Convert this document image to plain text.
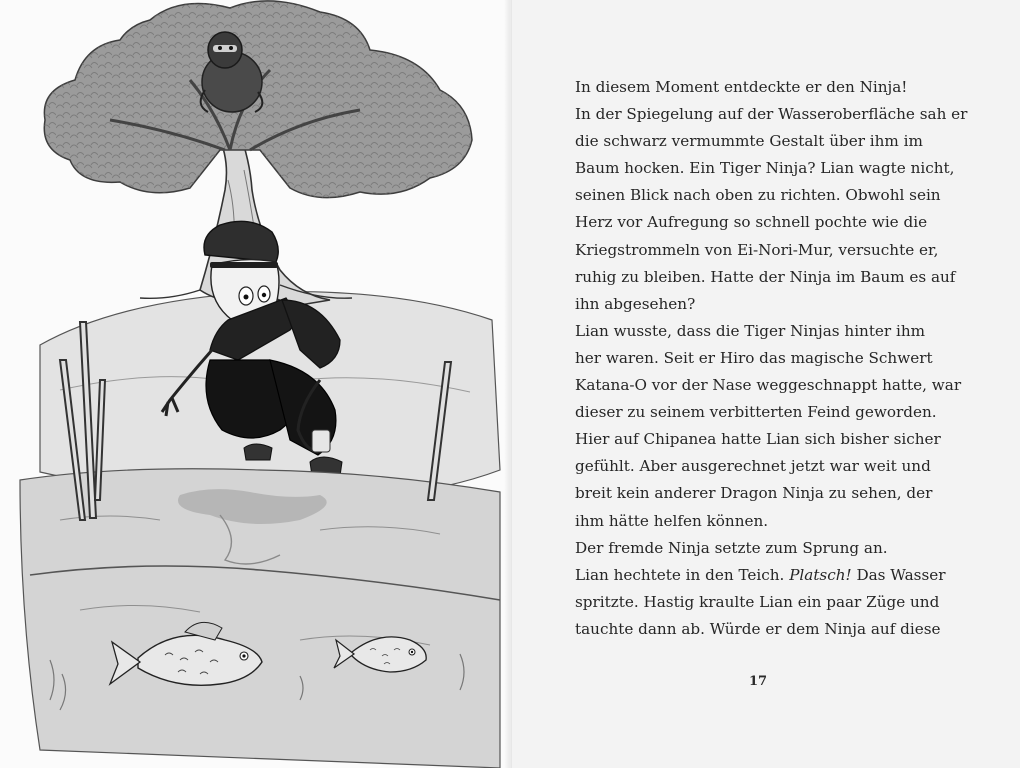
In diesem Moment entdeckte er den Ninja!
In der Spiegelung auf der Wasseroberfläche sah er
die schwarz vermummte Gestalt über ihm im
Baum hocken. Ein Tiger Ninja? Lian wagte nicht,
seinen Blick nach oben zu richten. Obwohl sein
Herz vor Aufregung so schnell pochte wie die
Kriegstrommeln von Ei-Nori-Mur, versuchte er,
ruhig zu bleiben. Hatte der Ninja im Baum es auf
ihn abgesehen?
Lian wusste, dass die Tiger Ninjas hinter ihm
her waren. Seit er Hiro das magische Schwert
Katana-O vor der Nase weggeschnappt hatte, war
dieser zu seinem verbitterten Feind geworden.
Hier auf Chipanea hatte Lian sich bisher sicher
gefühlt. Aber ausgerechnet jetzt war weit und
breit kein anderer Dragon Ninja zu sehen, der
ihm hätte helfen können.
Der fremde Ninja setzte zum Sprung an.
Lian hechtete in den Teich. Platsch! Das Wasser
spritzte. Hastig kraulte Lian ein paar Züge und
tauchte dann ab. Würde er dem Ninja auf diese
17
